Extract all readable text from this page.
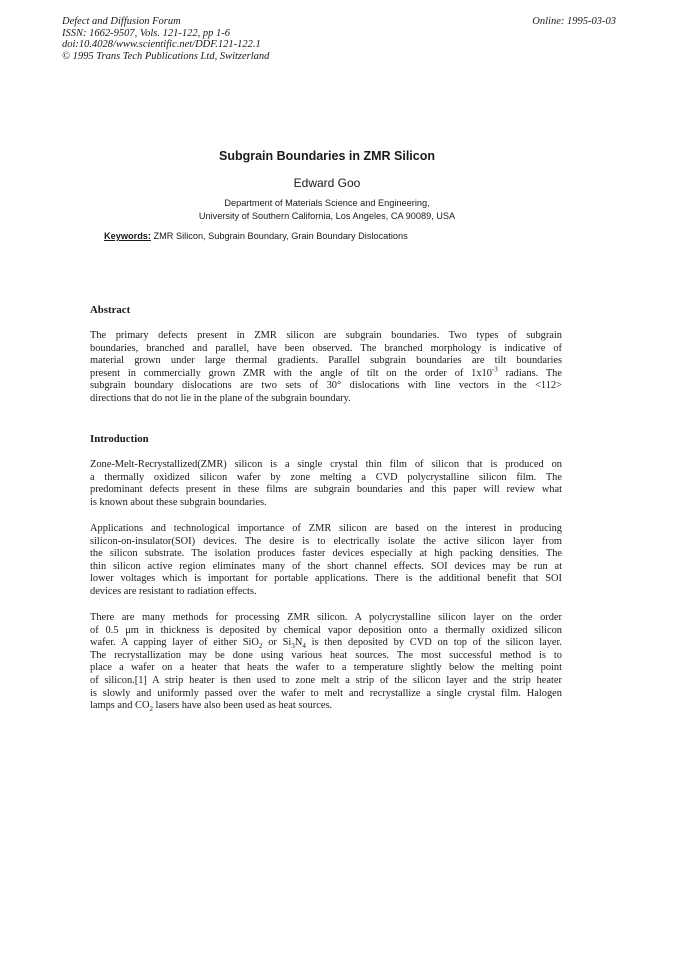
Defect and Diffusion Forum
ISSN: 1662-9507, Vols. 121-122, pp 1-6
doi:10.4028/www.scientific.net/DDF.121-122.1
© 1995 Trans Tech Publications Ltd, Switzerland
Online: 1995-03-03
Subgrain Boundaries in ZMR Silicon
Edward Goo
Department of Materials Science and Engineering,
University of Southern California, Los Angeles, CA 90089, USA
Keywords: ZMR Silicon, Subgrain Boundary, Grain Boundary Dislocations
Abstract
The primary defects present in ZMR silicon are subgrain boundaries. Two types of subgrain
boundaries, branched and parallel, have been observed. The branched morphology is indicative of
material grown under large thermal gradients. Parallel subgrain boundaries are tilt boundaries
present in commercially grown ZMR with the angle of tilt on the order of $1x10^{-3}$ radians. The
subgrain boundary dislocations are two sets of 30° dislocations with line vectors in the <112>
directions that do not lie in the plane of the subgrain boundary.
Introduction
Zone-Melt-Recrystallized(ZMR) silicon is a single crystal thin film of silicon that is produced on
a thermally oxidized silicon wafer by zone melting a CVD polycrystalline silicon film. The
predominant defects present in these films are subgrain boundaries and this paper will review what
is known about these subgrain boundaries.
Applications and technological importance of ZMR silicon are based on the interest in producing
silicon-on-insulator(SOI) devices. The desire is to electrically isolate the active silicon layer from
the silicon substrate. The isolation produces faster devices especially at high packing densities. The
thin silicon active region eliminates many of the short channel effects. SOI devices may be run at
lower voltages which is important for portable applications. There is the additional benefit that SOI
devices are resistant to radiation effects.
There are many methods for processing ZMR silicon. A polycrystalline silicon layer on the order
of 0.5 μm in thickness is deposited by chemical vapor deposition onto a thermally oxidized silicon
wafer. A capping layer of either SiO$_2$ or $Si_3N_4$ is then deposited by CVD on top of the silicon layer.
The recrystallization may be done using various heat sources. The most successful method is to
place a wafer on a heater that heats the wafer to a temperature slightly below the melting point
of silicon.[1] A strip heater is then used to zone melt a strip of the silicon layer and the strip heater
is slowly and uniformly passed over the wafer to melt and recrystallize a single crystal film. Halogen
lamps and $CO_2$ lasers have also been used as heat sources.
